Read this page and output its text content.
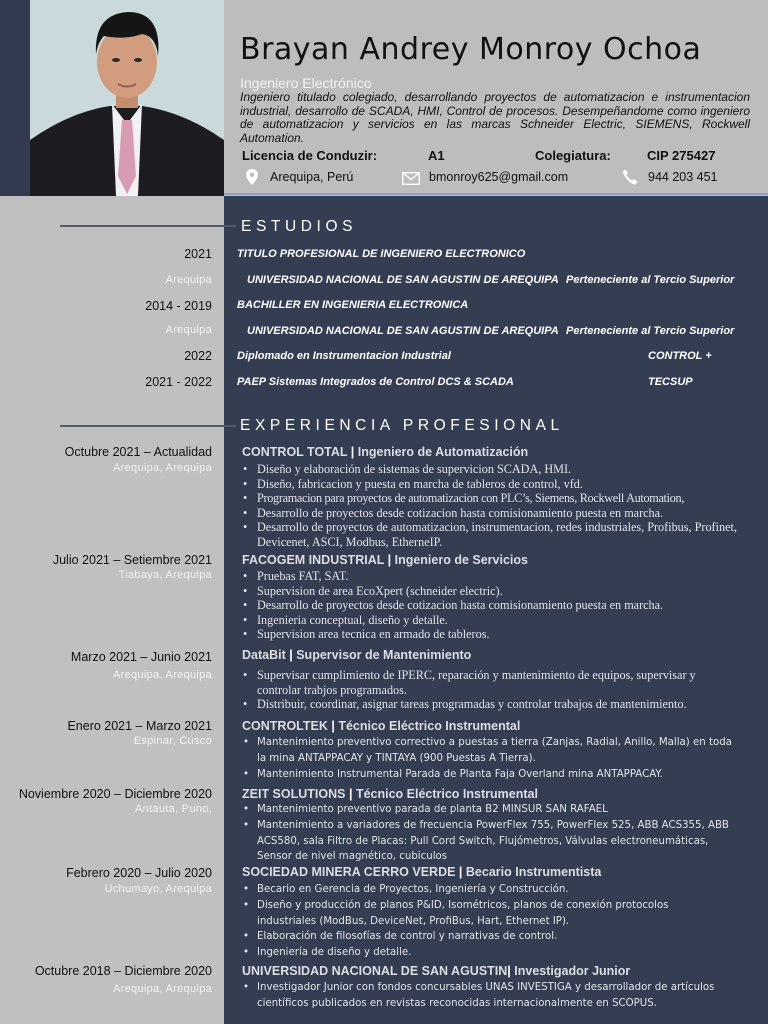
Brayan Andrey Monroy Ochoa
Ingeniero Electrónico
Ingeniero titulado colegiado, desarrollando proyectos de automatizacion e instrumentacion industrial, desarrollo de SCADA, HMI, Control de procesos. Desempeñandome como ingeniero de automatizacion y servicios en las marcas Schneider Electric, SIEMENS, Rockwell Automation.
Licencia de Conduzir:	A1	Colegiatura:	CIP 275427
Arequipa, Perú	bmonroy625@gmail.com	944 203 451
ESTUDIOS
2021 TITULO PROFESIONAL DE INGENIERO ELECTRONICO
Arequipa	UNIVERSIDAD NACIONAL DE SAN AGUSTIN DE AREQUIPA Perteneciente al Tercio Superior
2014 - 2019 BACHILLER EN INGENIERIA ELECTRONICA
Arequipa	UNIVERSIDAD NACIONAL DE SAN AGUSTIN DE AREQUIPA Perteneciente al Tercio Superior
2022 Diplomado en Instrumentacion Industrial	CONTROL +
2021 - 2022 PAEP Sistemas Integrados de Control DCS & SCADA	TECSUP
EXPERIENCIA PROFESIONAL
Octubre 2021 – Actualidad
Arequipa, Arequipa
CONTROL TOTAL | Ingeniero de Automatización
• Diseño y elaboración de sistemas de supervicion SCADA, HMI.
• Diseño, fabricacion y puesta en marcha de tableros de control, vfd.
• Programacion para proyectos de automatizacion con PLC’s, Siemens, Rockwell Automation,
• Desarrollo de proyectos desde cotizacion hasta comisionamiento puesta en marcha.
• Desarrollo de proyectos de automatizacion, instrumentacion, redes industriales, Profibus, Profinet, Devicenet, ASCI, Modbus, EtherneIP.
Julio 2021 – Setiembre 2021
Tiabaya, Arequipa
FACOGEM INDUSTRIAL | Ingeniero de Servicios
• Pruebas FAT, SAT.
• Supervision de area EcoXpert (schneider electric).
• Desarrollo de proyectos desde cotizacion hasta comisionamiento puesta en marcha.
• Ingenieria conceptual, diseño y detalle.
• Supervision area tecnica en armado de tableros.
Marzo 2021 – Junio 2021
Arequipa, Arequipa
DataBit | Supervisor de Mantenimiento
• Supervisar cumplimiento de IPERC, reparación y mantenimiento de equipos, supervisar y controlar trabjos programados.
• Distribuir, coordinar, asignar tareas programadas y controlar trabajos de mantenimiento.
Enero 2021 – Marzo 2021
Espinar, Cusco
CONTROLTEK | Técnico Eléctrico Instrumental
• Mantenimiento preventivo correctivo a puestas a tierra (Zanjas, Radial, Anillo, Malla) en toda la mina ANTAPPACAY y TINTAYA (900 Puestas A Tierra).
• Mantenimiento Instrumental Parada de Planta Faja Overland mina ANTAPPACAY.
Noviembre 2020 – Diciembre 2020
Antauta, Puno,
ZEIT SOLUTIONS | Técnico Eléctrico Instrumental
• Mantenimiento preventivo parada de planta B2 MINSUR SAN RAFAEL
• Mantenimiento a variadores de frecuencia PowerFlex 755, PowerFlex 525, ABB ACS355, ABB ACS580, sala Filtro de Placas: Pull Cord Switch, Flujómetros, Válvulas electroneumáticas, Sensor de nivel magnético, cubiculos
Febrero 2020 – Julio 2020
Uchumayo, Arequipa
SOCIEDAD MINERA CERRO VERDE | Becario Instrumentista
• Becario en Gerencia de Proyectos, Ingeniería y Construcción.
• Diseño y producción de planos P&ID, Isométricos, planos de conexión protocolos industriales (ModBus, DeviceNet, ProfiBus, Hart, Ethernet IP).
• Elaboración de filosofías de control y narrativas de control.
• Ingeniería de diseño y detalle.
Octubre 2018 – Diciembre 2020
Arequipa, Arequipa
UNIVERSIDAD NACIONAL DE SAN AGUSTIN| Investigador Junior
• Investigador Junior con fondos concursables UNAS INVESTIGA y desarrollador de artículos científicos publicados en revistas reconocidas internacionalmente en SCOPUS.
